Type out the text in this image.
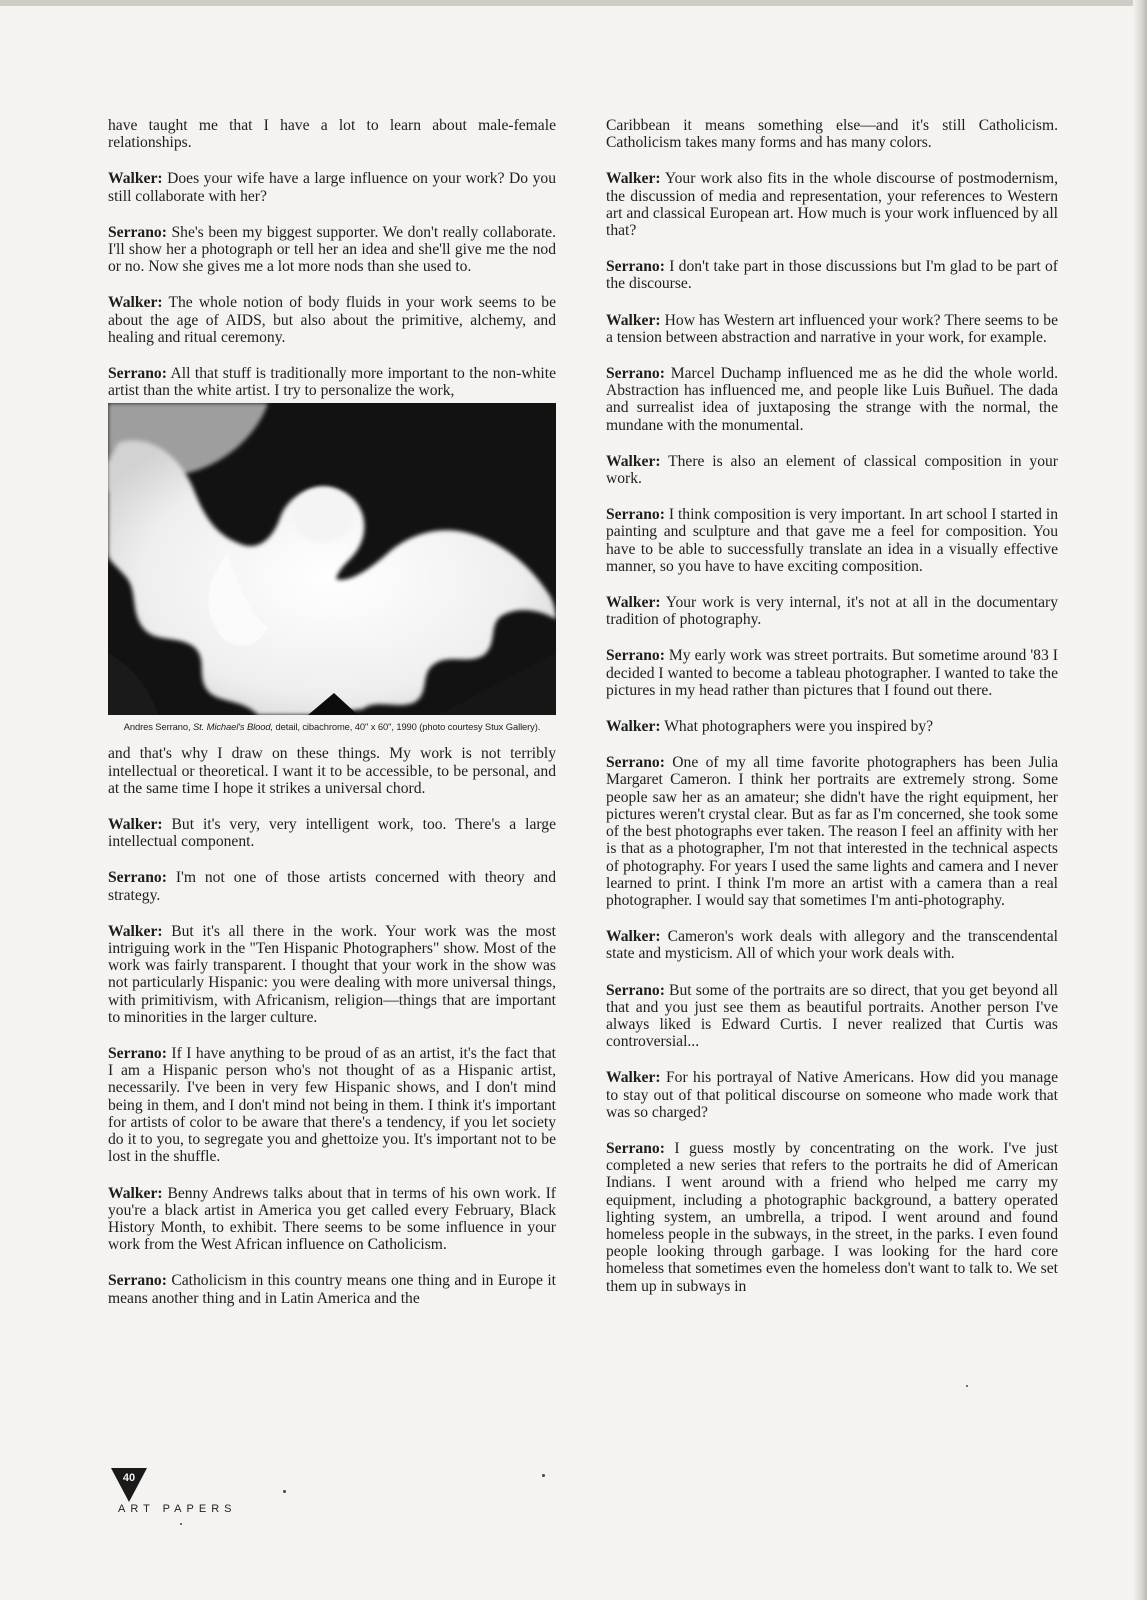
have taught me that I have a lot to learn about male-female relationships.

Walker: Does your wife have a large influence on your work? Do you still collaborate with her?

Serrano: She's been my biggest supporter. We don't really collaborate. I'll show her a photograph or tell her an idea and she'll give me the nod or no. Now she gives me a lot more nods than she used to.

Walker: The whole notion of body fluids in your work seems to be about the age of AIDS, but also about the primitive, alchemy, and healing and ritual ceremony.

Serrano: All that stuff is traditionally more important to the non-white artist than the white artist. I try to personalize the work,

Andres Serrano, St. Michael's Blood, detail, cibachrome, 40" x 60", 1990 (photo courtesy Stux Gallery).

and that's why I draw on these things. My work is not terribly intellectual or theoretical. I want it to be accessible, to be personal, and at the same time I hope it strikes a universal chord.

Walker: But it's very, very intelligent work, too. There's a large intellectual component.

Serrano: I'm not one of those artists concerned with theory and strategy.

Walker: But it's all there in the work. Your work was the most intriguing work in the "Ten Hispanic Photographers" show. Most of the work was fairly transparent. I thought that your work in the show was not particularly Hispanic: you were dealing with more universal things, with primitivism, with Africanism, religion—things that are important to minorities in the larger culture.

Serrano: If I have anything to be proud of as an artist, it's the fact that I am a Hispanic person who's not thought of as a Hispanic artist, necessarily. I've been in very few Hispanic shows, and I don't mind being in them, and I don't mind not being in them. I think it's important for artists of color to be aware that there's a tendency, if you let society do it to you, to segregate you and ghettoize you. It's important not to be lost in the shuffle.

Walker: Benny Andrews talks about that in terms of his own work. If you're a black artist in America you get called every February, Black History Month, to exhibit. There seems to be some influence in your work from the West African influence on Catholicism.

Serrano: Catholicism in this country means one thing and in Europe it means another thing and in Latin America and the

Caribbean it means something else—and it's still Catholicism. Catholicism takes many forms and has many colors.

Walker: Your work also fits in the whole discourse of postmodernism, the discussion of media and representation, your references to Western art and classical European art. How much is your work influenced by all that?

Serrano: I don't take part in those discussions but I'm glad to be part of the discourse.

Walker: How has Western art influenced your work? There seems to be a tension between abstraction and narrative in your work, for example.

Serrano: Marcel Duchamp influenced me as he did the whole world. Abstraction has influenced me, and people like Luis Buñuel. The dada and surrealist idea of juxtaposing the strange with the normal, the mundane with the monumental.

Walker: There is also an element of classical composition in your work.

Serrano: I think composition is very important. In art school I started in painting and sculpture and that gave me a feel for composition. You have to be able to successfully translate an idea in a visually effective manner, so you have to have exciting composition.

Walker: Your work is very internal, it's not at all in the documentary tradition of photography.

Serrano: My early work was street portraits. But sometime around '83 I decided I wanted to become a tableau photographer. I wanted to take the pictures in my head rather than pictures that I found out there.

Walker: What photographers were you inspired by?

Serrano: One of my all time favorite photographers has been Julia Margaret Cameron. I think her portraits are extremely strong. Some people saw her as an amateur; she didn't have the right equipment, her pictures weren't crystal clear. But as far as I'm concerned, she took some of the best photographs ever taken. The reason I feel an affinity with her is that as a photographer, I'm not that interested in the technical aspects of photography. For years I used the same lights and camera and I never learned to print. I think I'm more an artist with a camera than a real photographer. I would say that sometimes I'm anti-photography.

Walker: Cameron's work deals with allegory and the transcendental state and mysticism. All of which your work deals with.

Serrano: But some of the portraits are so direct, that you get beyond all that and you just see them as beautiful portraits. Another person I've always liked is Edward Curtis. I never realized that Curtis was controversial...

Walker: For his portrayal of Native Americans. How did you manage to stay out of that political discourse on someone who made work that was so charged?

Serrano: I guess mostly by concentrating on the work. I've just completed a new series that refers to the portraits he did of American Indians. I went around with a friend who helped me carry my equipment, including a photographic background, a battery operated lighting system, an umbrella, a tripod. I went around and found homeless people in the subways, in the street, in the parks. I even found people looking through garbage. I was looking for the hard core homeless that sometimes even the homeless don't want to talk to. We set them up in subways in

40
ART PAPERS
